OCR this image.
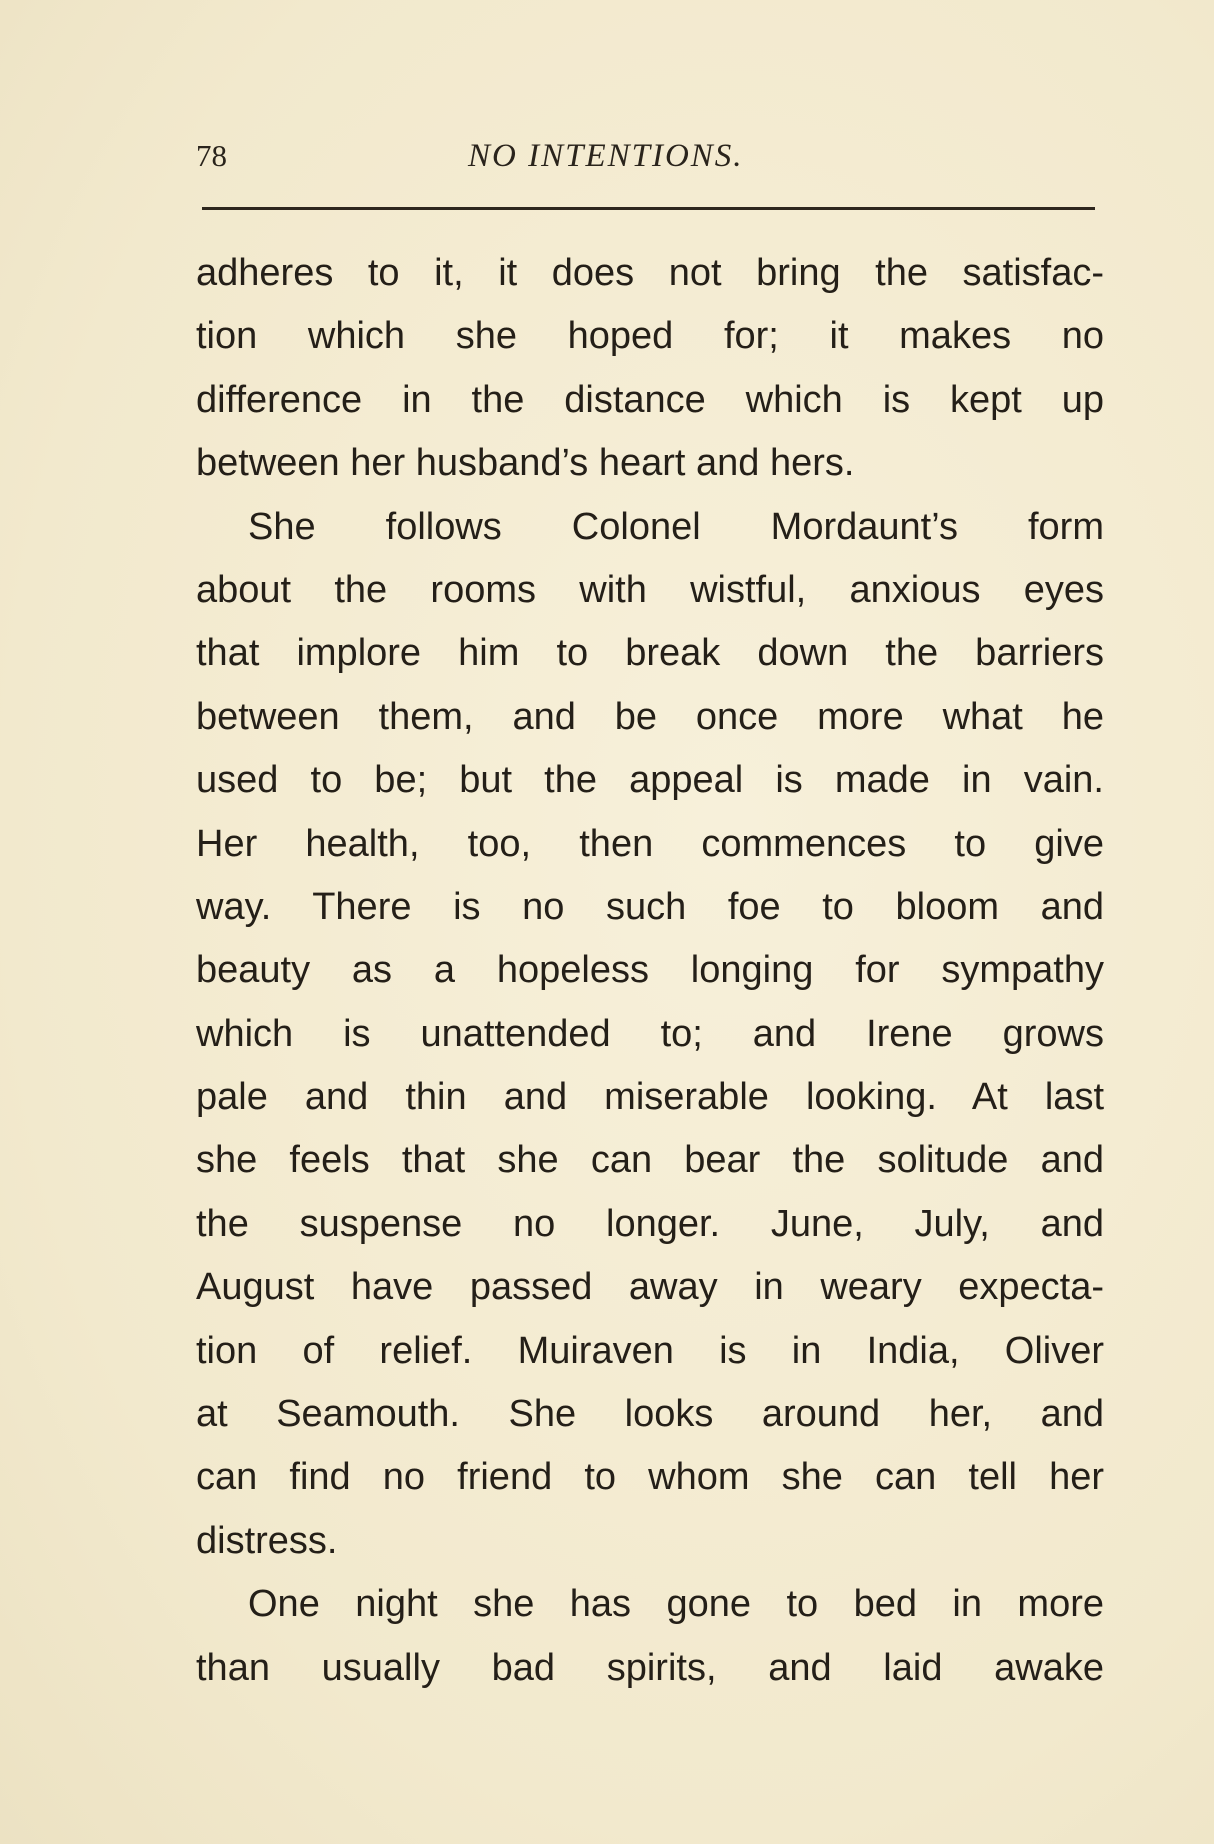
78	NO INTENTIONS.
adheres to it, it does not bring the satisfac-
tion which she hoped for; it makes no
difference in the distance which is kept up
between her husband’s heart and hers.
She follows Colonel Mordaunt’s form
about the rooms with wistful, anxious eyes
that implore him to break down the barriers
between them, and be once more what he
used to be; but the appeal is made in vain.
Her health, too, then commences to give
way. There is no such foe to bloom and
beauty as a hopeless longing for sympathy
which is unattended to; and Irene grows
pale and thin and miserable looking. At last
she feels that she can bear the solitude and
the suspense no longer. June, July, and
August have passed away in weary expecta-
tion of relief. Muiraven is in India, Oliver
at Seamouth. She looks around her, and
can find no friend to whom she can tell her
distress.
One night she has gone to bed in more
than usually bad spirits, and laid awake
